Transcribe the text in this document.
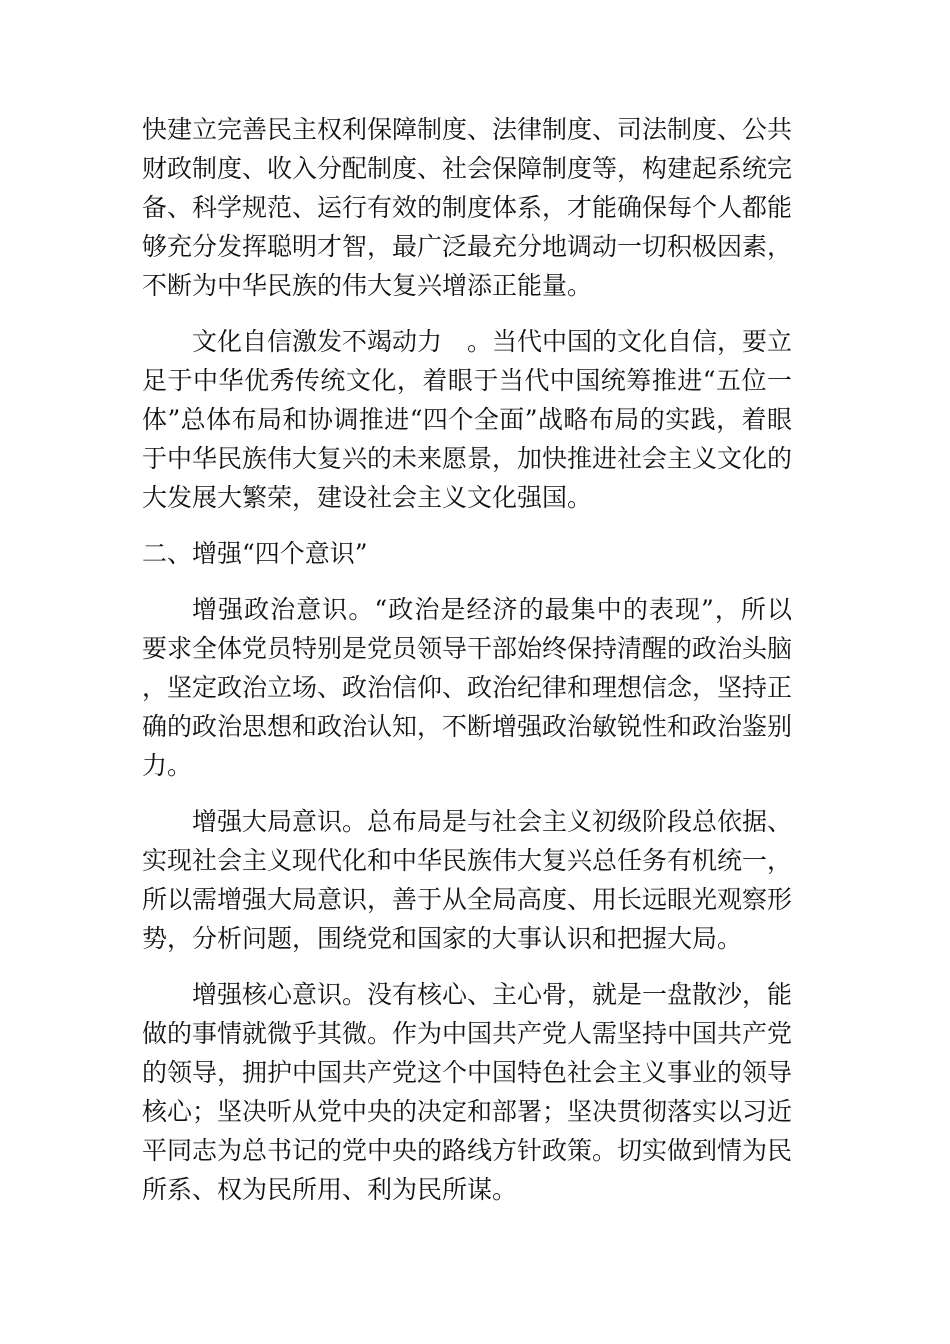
快建立完善民主权利保障制度、法律制度、司法制度、公共财政制度、收入分配制度、社会保障制度等，构建起系统完备、科学规范、运行有效的制度体系，才能确保每个人都能够充分发挥聪明才智，最广泛最充分地调动一切积极因素，不断为中华民族的伟大复兴增添正能量。

文化自信激发不竭动力　。当代中国的文化自信，要立足于中华优秀传统文化，着眼于当代中国统筹推进“五位一体”总体布局和协调推进“四个全面”战略布局的实践，着眼于中华民族伟大复兴的未来愿景，加快推进社会主义文化的大发展大繁荣，建设社会主义文化强国。

二、增强“四个意识”

增强政治意识。“政治是经济的最集中的表现”，所以要求全体党员特别是党员领导干部始终保持清醒的政治头脑，坚定政治立场、政治信仰、政治纪律和理想信念，坚持正确的政治思想和政治认知，不断增强政治敏锐性和政治鉴别力。

增强大局意识。总布局是与社会主义初级阶段总依据、实现社会主义现代化和中华民族伟大复兴总任务有机统一，所以需增强大局意识，善于从全局高度、用长远眼光观察形势，分析问题，围绕党和国家的大事认识和把握大局。

增强核心意识。没有核心、主心骨，就是一盘散沙，能做的事情就微乎其微。作为中国共产党人需坚持中国共产党的领导，拥护中国共产党这个中国特色社会主义事业的领导核心；坚决听从党中央的决定和部署；坚决贯彻落实以习近平同志为总书记的党中央的路线方针政策。切实做到情为民所系、权为民所用、利为民所谋。
